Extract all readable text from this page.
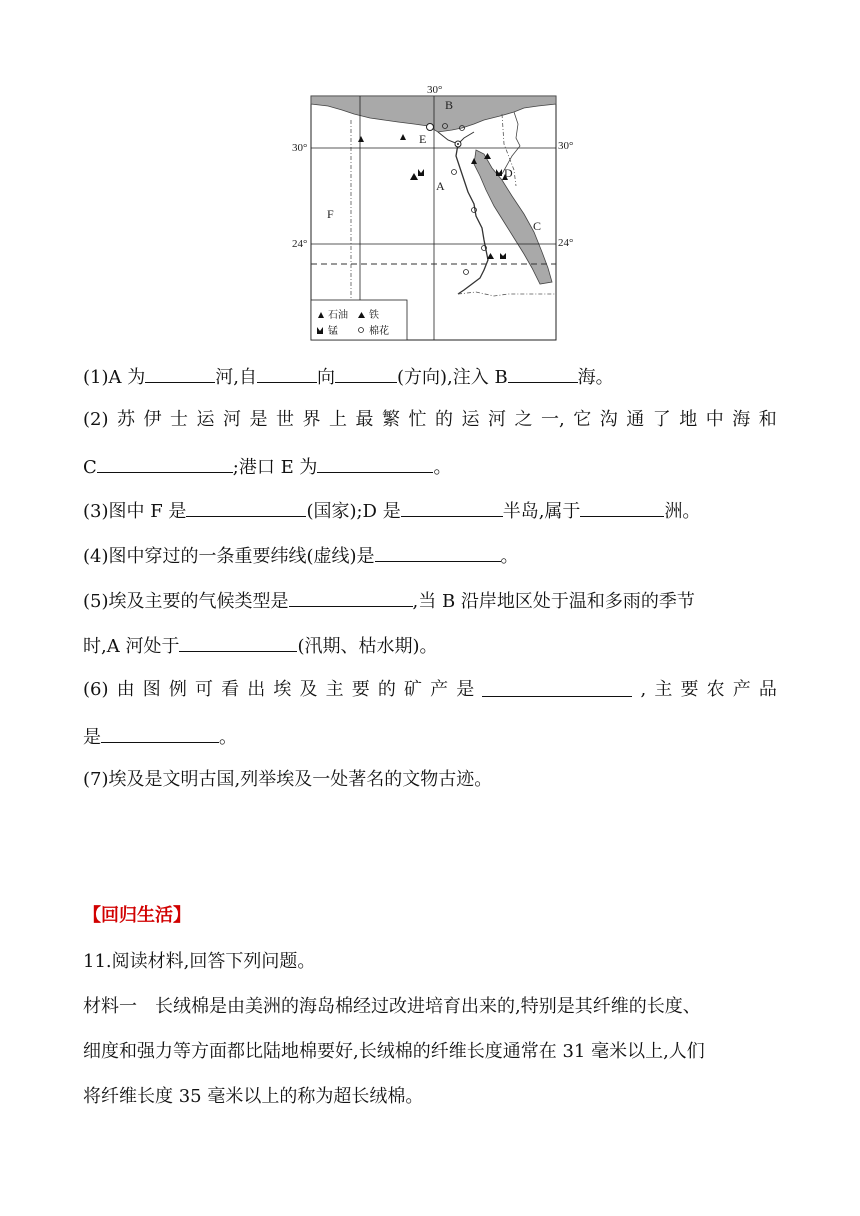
30°
30°	30°
24°	24°
B
E
A
D
C
F
石油 铁
锰	棉花
(1)A 为	河,自	向	(方向),注入 B	海。
(2) 苏 伊 士 运 河 是 世 界 上 最 繁 忙 的 运 河 之 一, 它 沟 通 了 地 中 海 和
C	;港口 E 为	。
(3)图中 F 是	(国家);D 是	半岛,属于	洲。
(4)图中穿过的一条重要纬线(虚线)是	。
(5)埃及主要的气候类型是	,当 B 沿岸地区处于温和多雨的季节
时,A 河处于	(汛期、枯水期)。
(6) 由 图 例 可 看 出 埃 及 主 要 的 矿 产 是	, 主 要 农 产 品
是	。
(7)埃及是文明古国,列举埃及一处著名的文物古迹。
【回归生活】
11.阅读材料,回答下列问题。
材料一　长绒棉是由美洲的海岛棉经过改进培育出来的,特别是其纤维的长度、
细度和强力等方面都比陆地棉要好,长绒棉的纤维长度通常在 31 毫米以上,人们
将纤维长度 35 毫米以上的称为超长绒棉。
